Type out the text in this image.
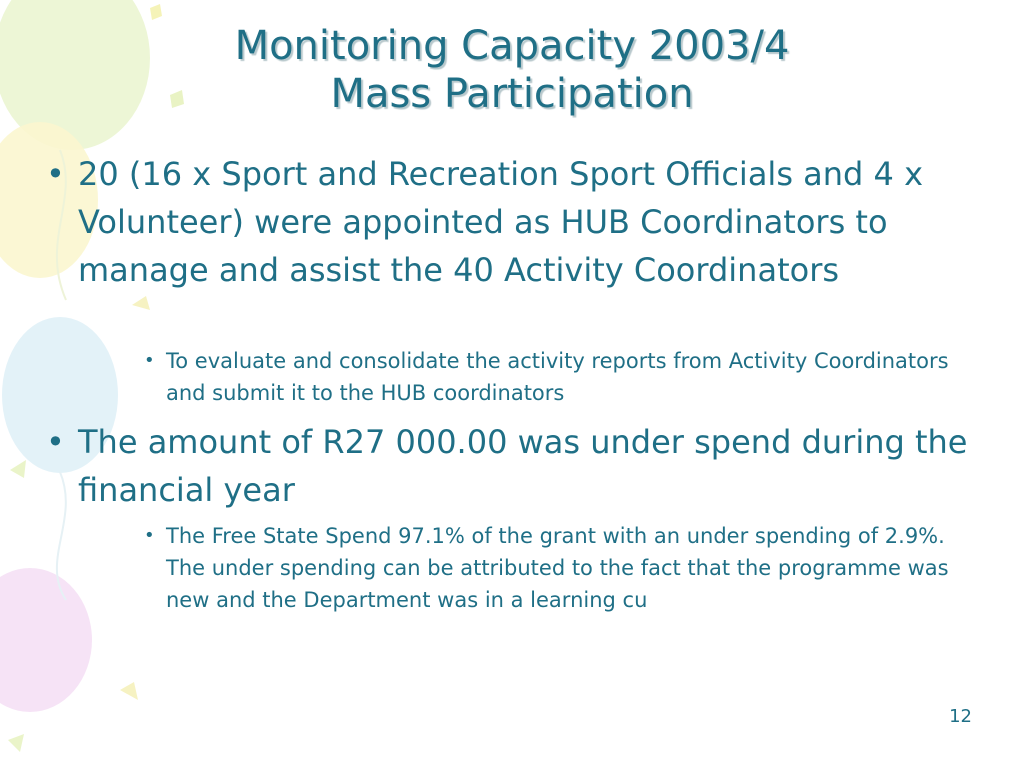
Monitoring Capacity 2003/4
Mass Participation
• 20 (16 x Sport and Recreation Sport Officials and 4 x Volunteer) were appointed as HUB Coordinators to manage and assist the 40 Activity Coordinators
• To evaluate and consolidate the activity reports from Activity Coordinators and submit it to the HUB coordinators
• The amount of R27 000.00 was under spend during the financial year
• The Free State Spend 97.1% of the grant with an under spending of 2.9%. The under spending can be attributed to the fact that the programme was new and the Department was in a learning cu
12
